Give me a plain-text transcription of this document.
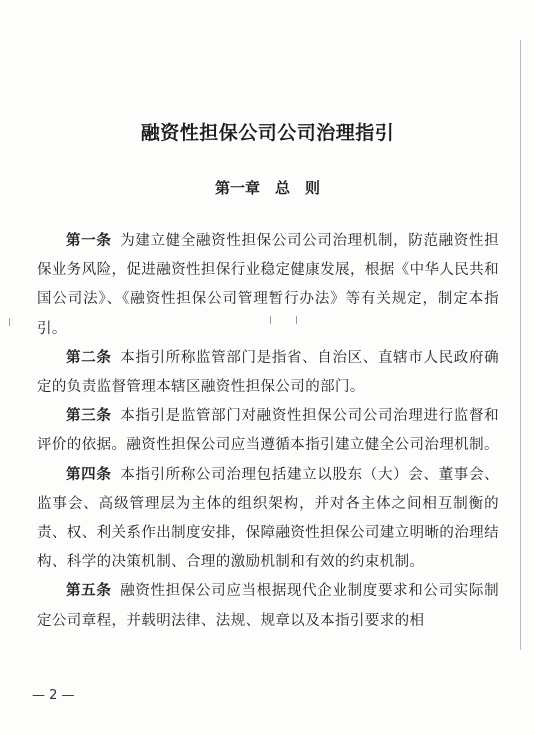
融资性担保公司公司治理指引
第一章　总　则

第一条 为建立健全融资性担保公司公司治理机制，防范融资性担保业务风险，促进融资性担保行业稳定健康发展，根据《中华人民共和国公司法》、《融资性担保公司管理暂行办法》等有关规定，制定本指引。

第二条 本指引所称监管部门是指省、自治区、直辖市人民政府确定的负责监督管理本辖区融资性担保公司的部门。

第三条 本指引是监管部门对融资性担保公司公司治理进行监督和评价的依据。融资性担保公司应当遵循本指引建立健全公司治理机制。

第四条 本指引所称公司治理包括建立以股东（大）会、董事会、监事会、高级管理层为主体的组织架构，并对各主体之间相互制衡的责、权、利关系作出制度安排，保障融资性担保公司建立明晰的治理结构、科学的决策机制、合理的激励机制和有效的约束机制。

第五条 融资性担保公司应当根据现代企业制度要求和公司实际制定公司章程，并载明法律、法规、规章以及本指引要求的相

— 2 —
